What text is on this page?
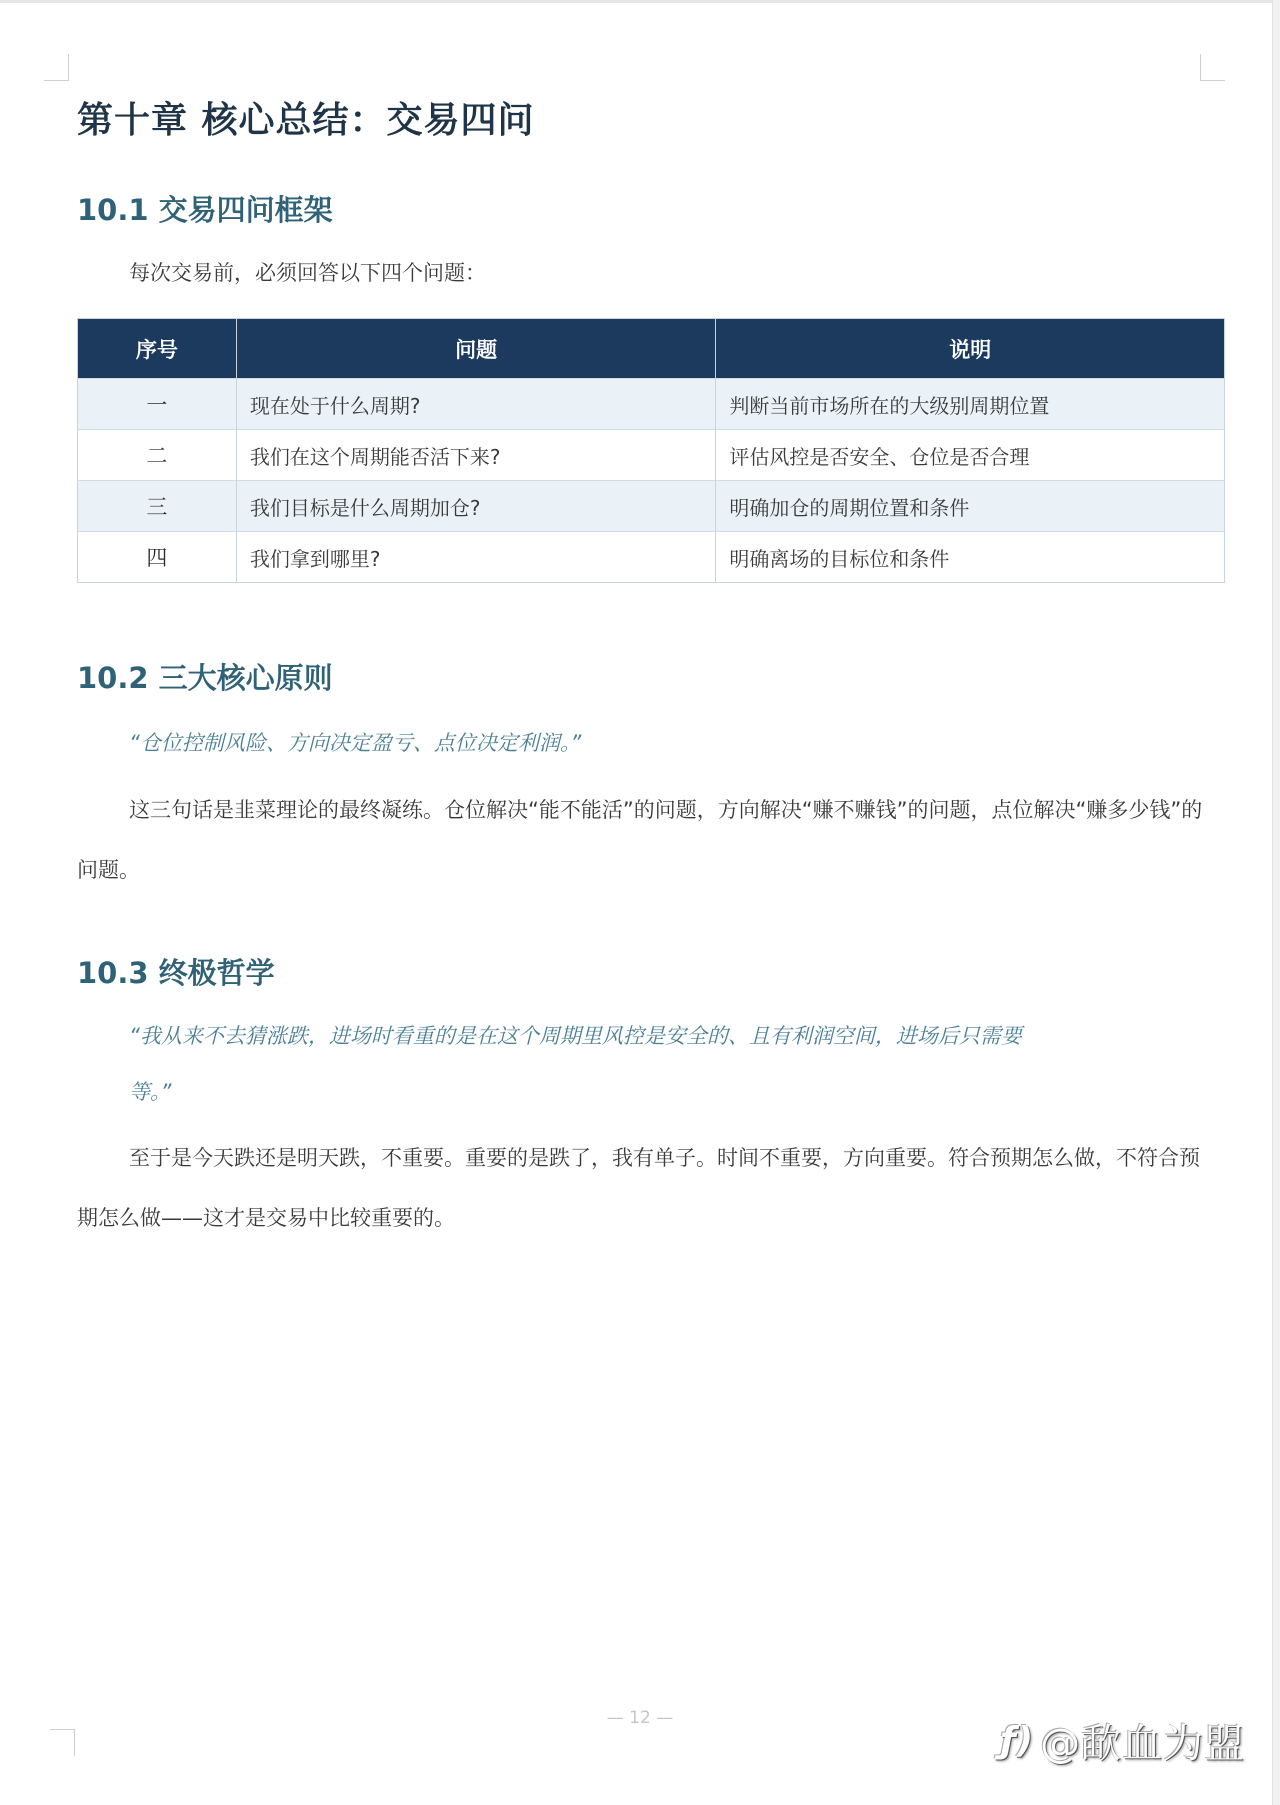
第十章 核心总结：交易四问
10.1 交易四问框架
每次交易前，必须回答以下四个问题：
序号	问题	说明
一	现在处于什么周期?	判断当前市场所在的大级别周期位置
二	我们在这个周期能否活下来?	评估风控是否安全、仓位是否合理
三	我们目标是什么周期加仓?	明确加仓的周期位置和条件
四	我们拿到哪里?	明确离场的目标位和条件
10.2 三大核心原则
“仓位控制风险、方向决定盈亏、点位决定利润。”

这三句话是韭菜理论的最终凝练。仓位解决“能不能活”的问题，方向解决“赚不赚钱”的问题，点位解决“赚多少钱”的问题。

10.3 终极哲学
“我从来不去猜涨跌，进场时看重的是在这个周期里风控是安全的、且有利润空间，进场后只需要
等。”

至于是今天跌还是明天跌，不重要。重要的是跌了，我有单子。时间不重要，方向重要。符合预期怎么做，不符合预期怎么做——这才是交易中比较重要的。

— 12 —
ƒ) @歃血为盟
